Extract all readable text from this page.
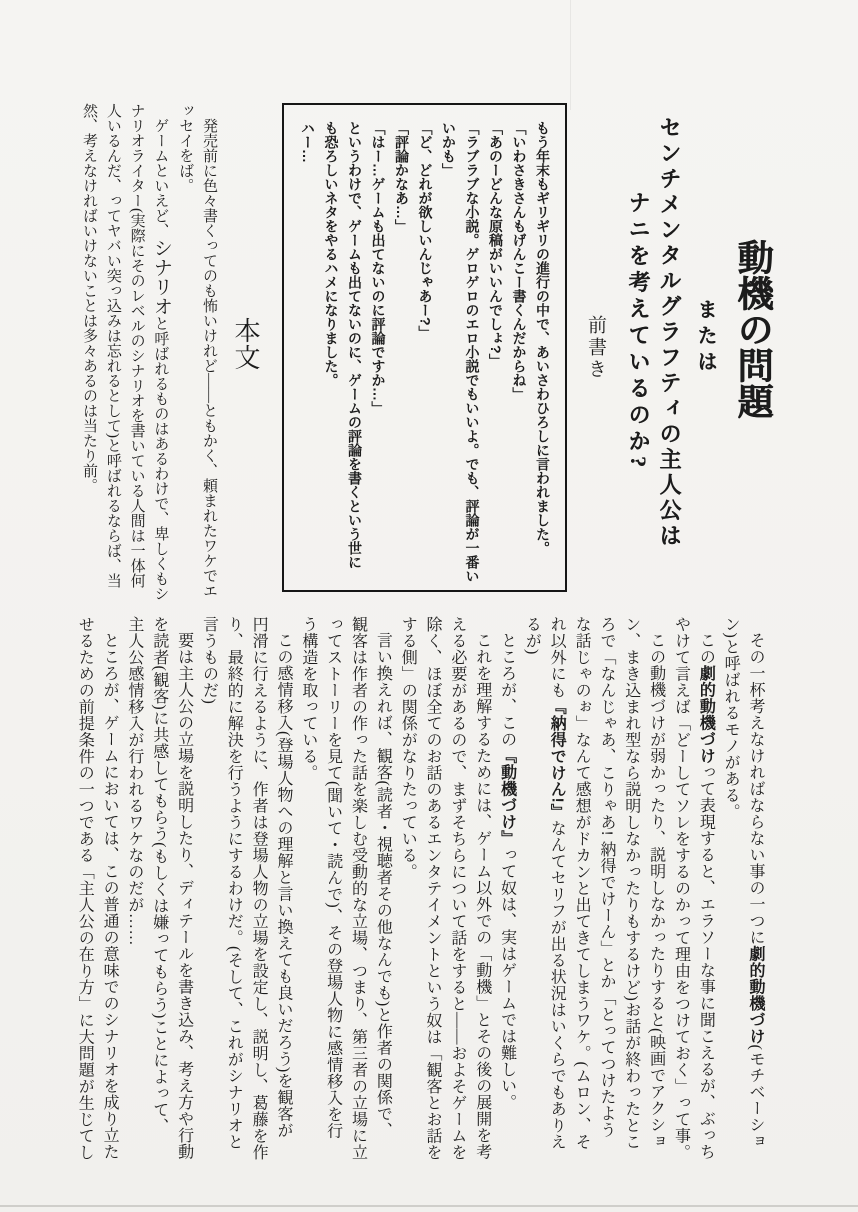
動機の問題
または
センチメンタルグラフティの主人公は
ナニを考えているのか?
前書き
もう年末もギリギリの進行の中で、あいさわひろしに言われました。
「いわさきさんもげんこー書くんだからね」
「あのーどんな原稿がいいんでしょ?」
「ラブラブな小説。ゲロゲロのエロ小説でもいいよ。でも、評論が一番い
いかも」
「ど、どれが欲しいんじゃあー?」
「評論かなあ…」
「はー…ゲームも出てないのに評論ですか…」
というわけで、ゲームも出てないのに、ゲームの評論を書くという世に
も恐ろしいネタをやるハメになりました。
ハー…
本文
発売前に色々書くってのも怖いけれど――ともかく、頼まれたワケでエ
ッセイをば。
ゲームといえど、シナリオと呼ばれるものはあるわけで、卑しくもシ
ナリオライター(実際にそのレベルのシナリオを書いている人間は一体何
人いるんだ、ってヤバい突っ込みは忘れるとして)と呼ばれるならば、当
然、考えなければいけないことは多々あるのは当たり前。
その一杯考えなければならない事の一つに劇的動機づけ(モチベーショ
ン)と呼ばれるモノがある。
この劇的動機づけって表現すると、エラソーな事に聞こえるが、ぶっち
やけて言えば「どーしてソレをするのかって理由をつけておく」って事。
この動機づけが弱かったり、説明しなかったりすると(映画でアクショ
ン、まき込まれ型なら説明しなかったりもするけど)お話が終わったとこ
ろで「なんじゃあ、こりゃあ! 納得でけーん」とか「とってつけたよう
な話じゃのぉ」なんて感想がドカンと出てきてしまうワケ。(ムロン、そ
れ以外にも『納得でけん!』なんてセリフが出る状況はいくらでもありえ
るが)
ところが、この『動機づけ』って奴は、実はゲームでは難しい。
これを理解するためには、ゲーム以外での「動機」とその後の展開を考
える必要があるので、まずそちらについて話をすると――およそゲームを
除く、ほぼ全てのお話のあるエンタテイメントという奴は「観客とお話を
する側」の関係がなりたっている。
言い換えれば、観客(読者・視聴者その他なんでも)と作者の関係で、
観客は作者の作った話を楽しむ受動的な立場、つまり、第三者の立場に立
ってストーリーを見て(聞いて・読んで)、その登場人物に感情移入を行
う構造を取っている。
この感情移入(登場人物への理解と言い換えても良いだろう)を観客が
円滑に行えるように、作者は登場人物の立場を設定し、説明し、葛藤を作
り、最終的に解決を行うようにするわけだ。(そして、これがシナリオと
言うものだ)
要は主人公の立場を説明したり、ディテールを書き込み、考え方や行動
を読者(観客)に共感してもらう(もしくは嫌ってもらう)ことによって、
主人公感情移入が行われるワケなのだが……
ところが、ゲームにおいては、この普通の意味でのシナリオを成り立た
せるための前提条件の一つである「主人公の在り方」に大問題が生じてし
